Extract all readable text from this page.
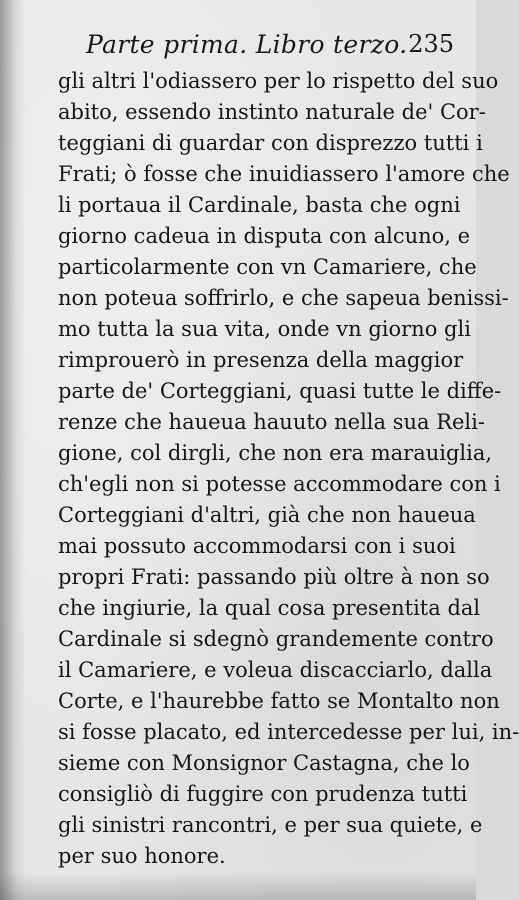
Parte prima. Libro terzo. 235
gli altri l'odiassero per lo rispetto del suo
abito, essendo instinto naturale de' Cor-
teggiani di guardar con disprezzo tutti i
Frati; ò fosse che inuidiassero l'amore che
li portaua il Cardinale, basta che ogni
giorno cadeua in disputa con alcuno, e
particolarmente con vn Camariere, che
non poteua soffrirlo, e che sapeua benissi-
mo tutta la sua vita, onde vn giorno gli
rimprouerò in presenza della maggior
parte de' Corteggiani, quasi tutte le diffe-
renze che haueua hauuto nella sua Reli-
gione, col dirgli, che non era marauiglia,
ch'egli non si potesse accommodare con i
Corteggiani d'altri, già che non haueua
mai possuto accommodarsi con i suoi
propri Frati: passando più oltre à non so
che ingiurie, la qual cosa presentita dal
Cardinale si sdegnò grandemente contro
il Camariere, e voleua discacciarlo, dalla
Corte, e l'haurebbe fatto se Montalto non
si fosse placato, ed intercedesse per lui, in-
sieme con Monsignor Castagna, che lo
consigliò di fuggire con prudenza tutti
gli sinistri rancontri, e per sua quiete, e
per suo honore.
